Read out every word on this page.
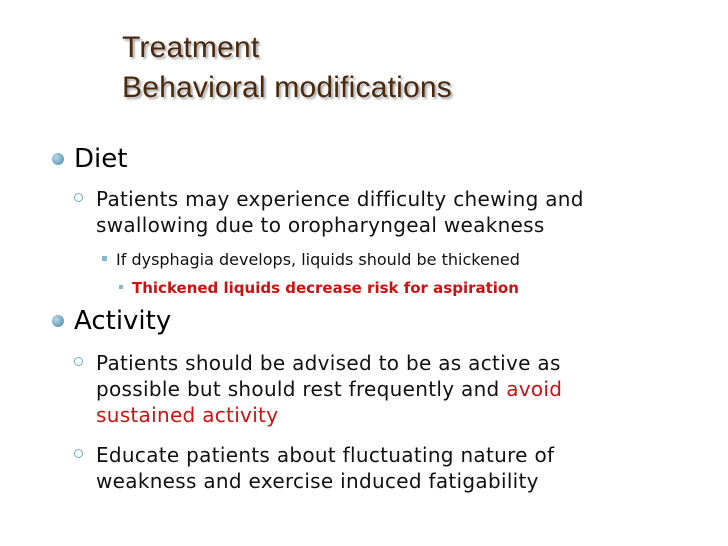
Treatment
Behavioral modifications
Diet
Patients may experience difficulty chewing and
swallowing due to oropharyngeal weakness
If dysphagia develops, liquids should be thickened
Thickened liquids decrease risk for aspiration
Activity
Patients should be advised to be as active as
possible but should rest frequently and avoid
sustained activity
Educate patients about fluctuating nature of
weakness and exercise induced fatigability
